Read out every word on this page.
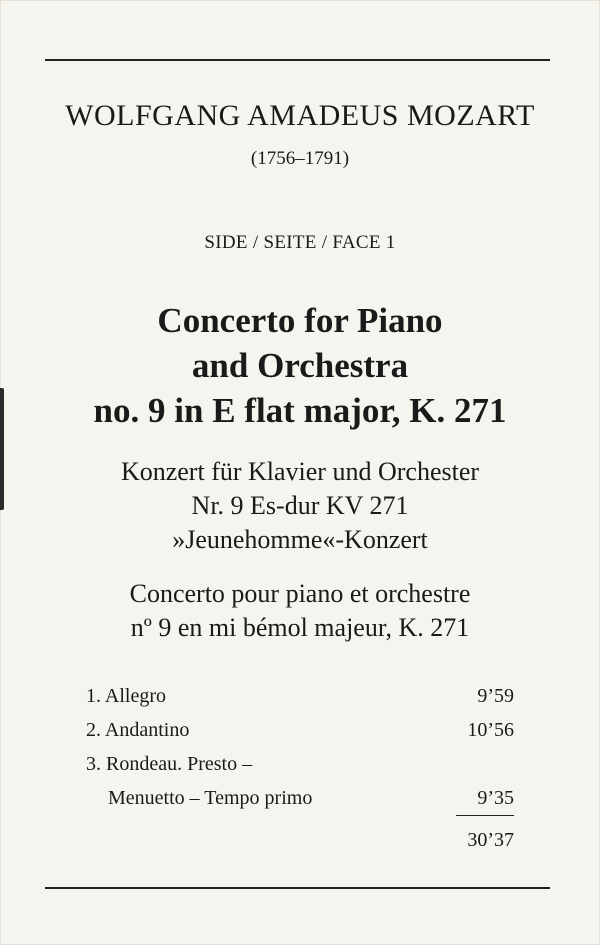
WOLFGANG AMADEUS MOZART
(1756–1791)
SIDE / SEITE / FACE 1
Concerto for Piano
and Orchestra
no. 9 in E flat major, K. 271
Konzert für Klavier und Orchester
Nr. 9 Es-dur KV 271
»Jeunehomme«-Konzert
Concerto pour piano et orchestre
nº 9 en mi bémol majeur, K. 271
1. Allegro	9’59
2. Andantino	10’56
3. Rondeau. Presto –
Menuetto – Tempo primo	9’35
30’37
